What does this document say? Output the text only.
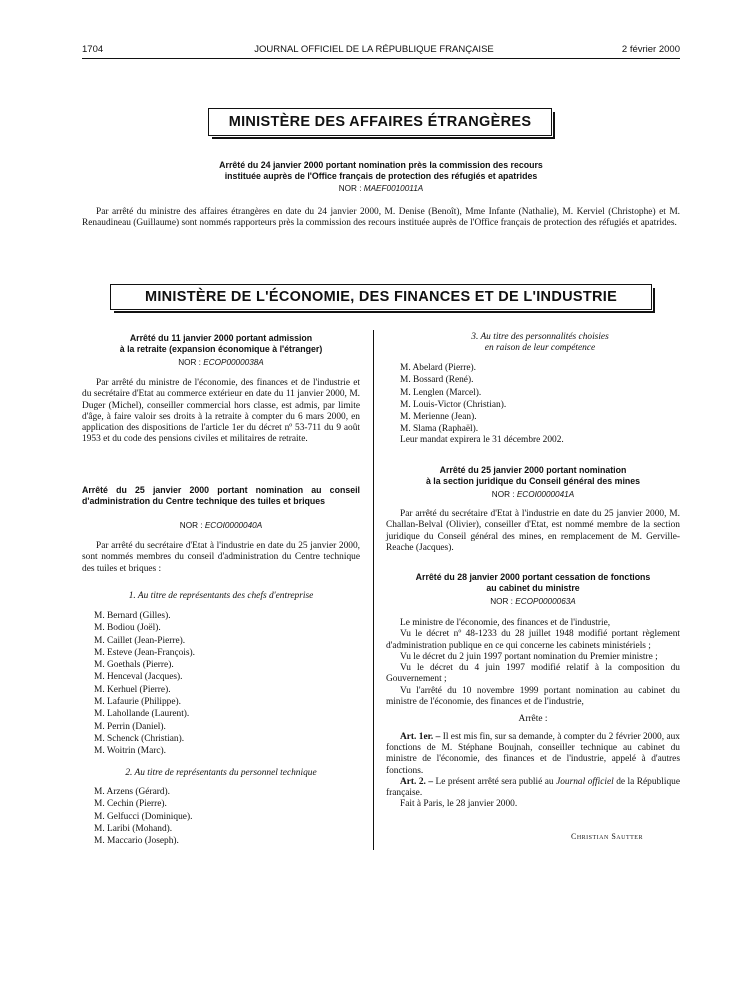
1704	JOURNAL OFFICIEL DE LA RÉPUBLIQUE FRANÇAISE	2 février 2000
MINISTÈRE DES AFFAIRES ÉTRANGÈRES
Arrêté du 24 janvier 2000 portant nomination près la commission des recours
instituée auprès de l'Office français de protection des réfugiés et apatrides
NOR : MAEF0010011A

Par arrêté du ministre des affaires étrangères en date du 24 janvier 2000, M. Denise (Benoît), Mme Infante (Nathalie), M. Kerviel (Christophe) et M. Renaudineau (Guillaume) sont nommés rapporteurs près la commission des recours instituée auprès de l'Office français de protection des réfugiés et apatrides.

MINISTÈRE DE L'ÉCONOMIE, DES FINANCES ET DE L'INDUSTRIE
Arrêté du 11 janvier 2000 portant admission
à la retraite (expansion économique à l'étranger)
NOR : ECOP0000038A

Par arrêté du ministre de l'économie, des finances et de l'industrie et du secrétaire d'Etat au commerce extérieur en date du 11 janvier 2000, M. Duger (Michel), conseiller commercial hors classe, est admis, par limite d'âge, à faire valoir ses droits à la retraite à compter du 6 mars 2000, en application des dispositions de l'article 1er du décret nº 53-711 du 9 août 1953 et du code des pensions civiles et militaires de retraite.

Arrêté du 25 janvier 2000 portant nomination au conseil d'administration du Centre technique des tuiles et briques
NOR : ECOI0000040A

Par arrêté du secrétaire d'Etat à l'industrie en date du 25 janvier 2000, sont nommés membres du conseil d'administration du Centre technique des tuiles et briques :

1. Au titre de représentants des chefs d'entreprise
M. Bernard (Gilles).
M. Bodiou (Joël).
M. Caillet (Jean-Pierre).
M. Esteve (Jean-François).
M. Goethals (Pierre).
M. Henceval (Jacques).
M. Kerhuel (Pierre).
M. Lafaurie (Philippe).
M. Lahollande (Laurent).
M. Perrin (Daniel).
M. Schenck (Christian).
M. Woitrin (Marc).
2. Au titre de représentants du personnel technique
M. Arzens (Gérard).
M. Cechin (Pierre).
M. Gelfucci (Dominique).
M. Laribi (Mohand).
M. Maccario (Joseph).
3. Au titre des personnalités choisies
en raison de leur compétence
M. Abelard (Pierre).
M. Bossard (René).
M. Lenglen (Marcel).
M. Louis-Victor (Christian).
M. Merienne (Jean).
M. Slama (Raphaël).

Leur mandat expirera le 31 décembre 2002.

Arrêté du 25 janvier 2000 portant nomination
à la section juridique du Conseil général des mines
NOR : ECOI0000041A

Par arrêté du secrétaire d'Etat à l'industrie en date du 25 janvier 2000, M. Challan-Belval (Olivier), conseiller d'Etat, est nommé membre de la section juridique du Conseil général des mines, en remplacement de M. Gerville-Reache (Jacques).

Arrêté du 28 janvier 2000 portant cessation de fonctions
au cabinet du ministre
NOR : ECOP0000063A

Le ministre de l'économie, des finances et de l'industrie,

Vu le décret nº 48-1233 du 28 juillet 1948 modifié portant règlement d'administration publique en ce qui concerne les cabinets ministériels ;

Vu le décret du 2 juin 1997 portant nomination du Premier ministre ;

Vu le décret du 4 juin 1997 modifié relatif à la composition du Gouvernement ;

Vu l'arrêté du 10 novembre 1999 portant nomination au cabinet du ministre de l'économie, des finances et de l'industrie,

Arrête :

Art. 1er. – Il est mis fin, sur sa demande, à compter du 2 février 2000, aux fonctions de M. Stéphane Boujnah, conseiller technique au cabinet du ministre de l'économie, des finances et de l'industrie, appelé à d'autres fonctions.

Art. 2. – Le présent arrêté sera publié au Journal officiel de la République française.

Fait à Paris, le 28 janvier 2000.

Christian Sautter
